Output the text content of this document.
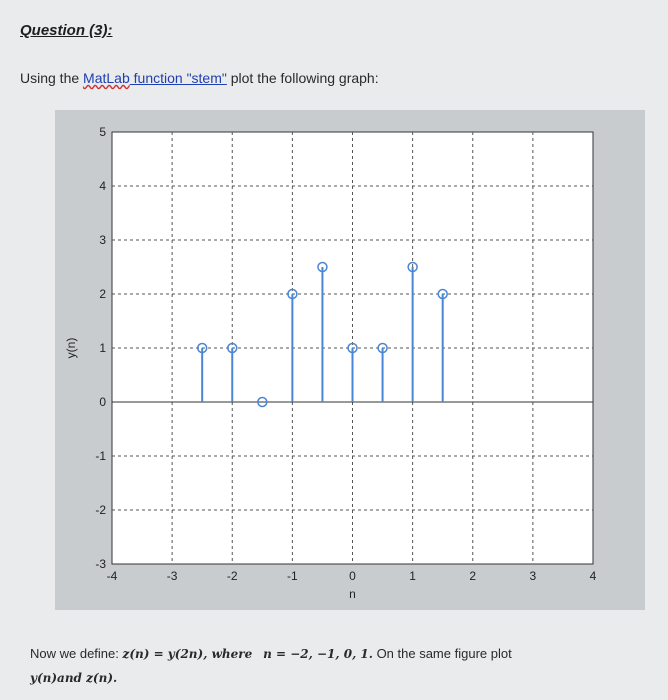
Question (3):
Using the MatLab function "stem" plot the following graph:
-4	-3	-2	-1	0	1	2	3	4
-3
-2
-1
0
1
2
3
4
5
n
y(n)
Now we define: z(n) = y(2n), where n = −2, −1, 0, 1. On the same figure plot
y(n)and z(n).
